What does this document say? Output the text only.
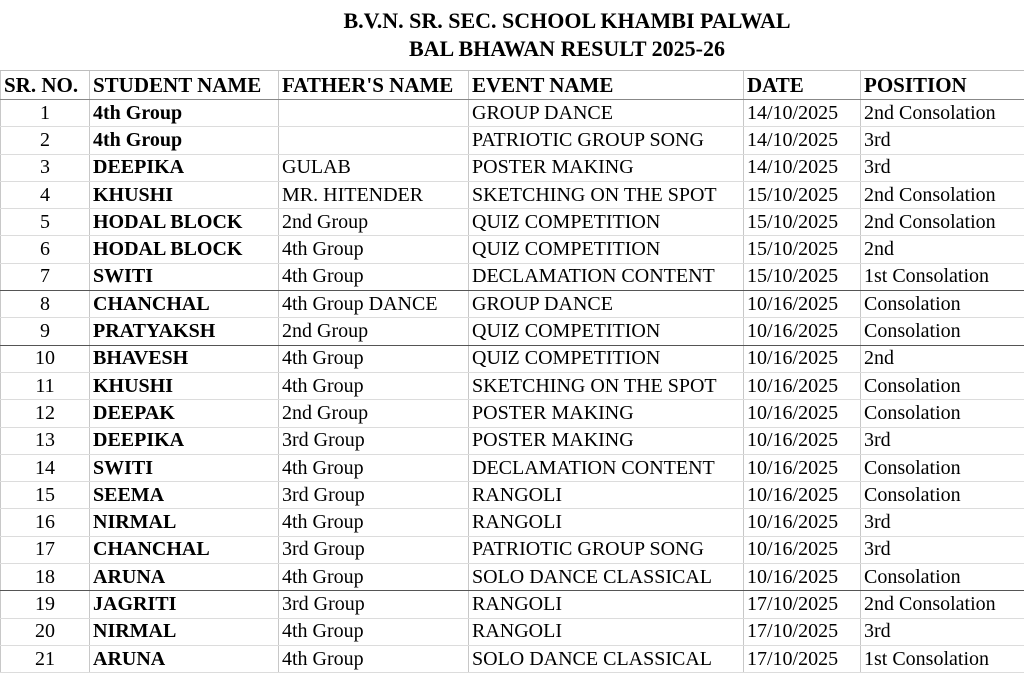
B.V.N. SR. SEC. SCHOOL KHAMBI PALWAL
BAL BHAWAN RESULT 2025-26
SR. NO.	STUDENT NAME	FATHER'S NAME	EVENT NAME	DATE	POSITION
1	4th Group		GROUP DANCE	14/10/2025	2nd Consolation
2	4th Group		PATRIOTIC GROUP SONG	14/10/2025	3rd
3	DEEPIKA	GULAB	POSTER MAKING	14/10/2025	3rd
4	KHUSHI	MR. HITENDER	SKETCHING ON THE SPOT	15/10/2025	2nd Consolation
5	HODAL BLOCK	2nd Group	QUIZ COMPETITION	15/10/2025	2nd Consolation
6	HODAL BLOCK	4th Group	QUIZ COMPETITION	15/10/2025	2nd
7	SWITI	4th Group	DECLAMATION CONTENT	15/10/2025	1st Consolation
8	CHANCHAL	4th Group DANCE	GROUP DANCE	10/16/2025	Consolation
9	PRATYAKSH	2nd Group	QUIZ COMPETITION	10/16/2025	Consolation
10	BHAVESH	4th Group	QUIZ COMPETITION	10/16/2025	2nd
11	KHUSHI	4th Group	SKETCHING ON THE SPOT	10/16/2025	Consolation
12	DEEPAK	2nd Group	POSTER MAKING	10/16/2025	Consolation
13	DEEPIKA	3rd Group	POSTER MAKING	10/16/2025	3rd
14	SWITI	4th Group	DECLAMATION CONTENT	10/16/2025	Consolation
15	SEEMA	3rd Group	RANGOLI	10/16/2025	Consolation
16	NIRMAL	4th Group	RANGOLI	10/16/2025	3rd
17	CHANCHAL	3rd Group	PATRIOTIC GROUP SONG	10/16/2025	3rd
18	ARUNA	4th Group	SOLO DANCE CLASSICAL	10/16/2025	Consolation
19	JAGRITI	3rd Group	RANGOLI	17/10/2025	2nd Consolation
20	NIRMAL	4th Group	RANGOLI	17/10/2025	3rd
21	ARUNA	4th Group	SOLO DANCE CLASSICAL	17/10/2025	1st Consolation
